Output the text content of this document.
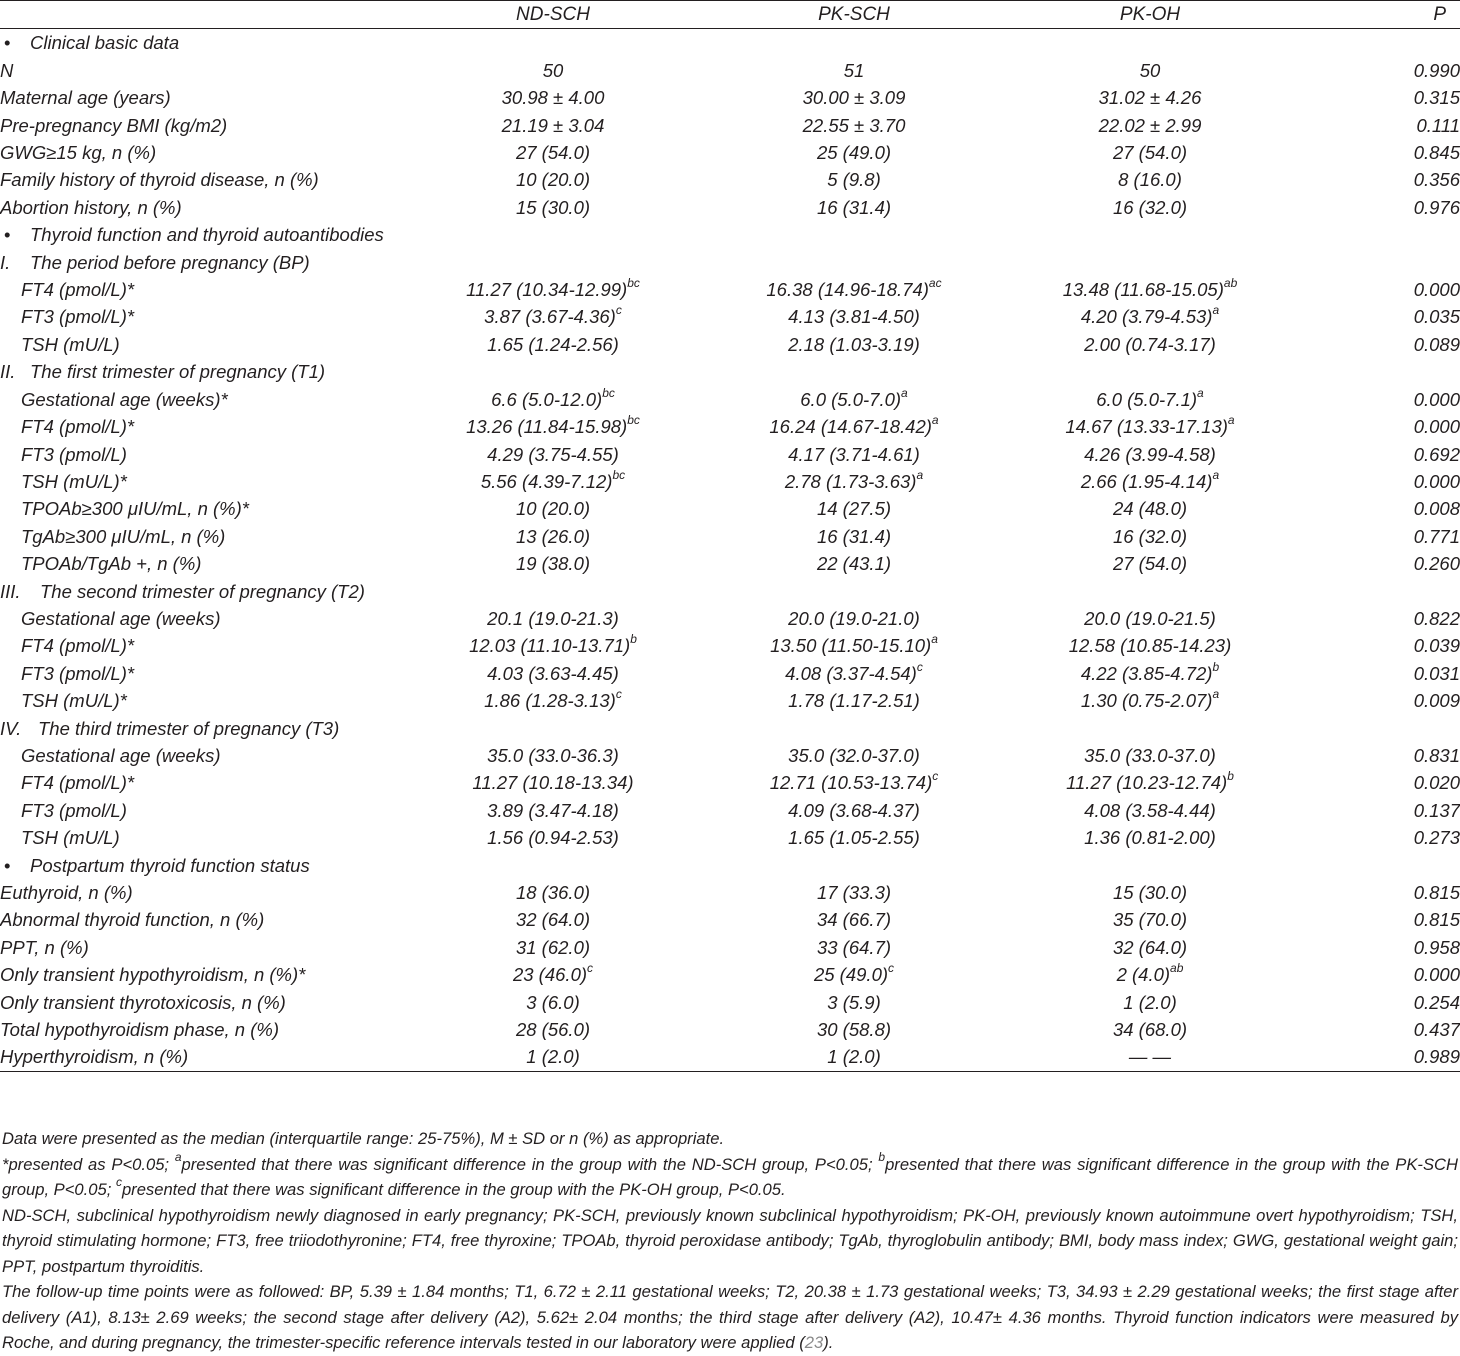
	ND-SCH	PK-SCH	PK-OH	P
• Clinical basic data				
N	50	51	50	0.990
Maternal age (years)	30.98 ± 4.00	30.00 ± 3.09	31.02 ± 4.26	0.315
Pre-pregnancy BMI (kg/m2)	21.19 ± 3.04	22.55 ± 3.70	22.02 ± 2.99	0.111
GWG≥15 kg, n (%)	27 (54.0)	25 (49.0)	27 (54.0)	0.845
Family history of thyroid disease, n (%)	10 (20.0)	5 (9.8)	8 (16.0)	0.356
Abortion history, n (%)	15 (30.0)	16 (31.4)	16 (32.0)	0.976
• Thyroid function and thyroid autoantibodies				
I. The period before pregnancy (BP)				
FT4 (pmol/L)*	11.27 $(10.34-12.99)^{bc}$	16.38 $(14.96-18.74)^{ac}$	13.48 $(11.68-15.05)^{ab}$	0.000
FT3 (pmol/L)*	3.87 $(3.67-4.36)^c$	4.13 (3.81-4.50)	4.20 $(3.79-4.53)^a$	0.035
TSH (mU/L)	1.65 (1.24-2.56)	2.18 (1.03-3.19)	2.00 (0.74-3.17)	0.089
II. The first trimester of pregnancy (T1)				
Gestational age (weeks)*	6.6 $(5.0-12.0)^{bc}$	6.0 $(5.0-7.0)^a$	6.0 $(5.0-7.1)^a$	0.000
FT4 (pmol/L)*	13.26 $(11.84-15.98)^{bc}$	16.24 $(14.67-18.42)^a$	14.67 $(13.33-17.13)^a$	0.000
FT3 (pmol/L)	4.29 (3.75-4.55)	4.17 (3.71-4.61)	4.26 (3.99-4.58)	0.692
TSH (mU/L)*	5.56 $(4.39-7.12)^{bc}$	2.78 $(1.73-3.63)^a$	2.66 $(1.95-4.14)^a$	0.000
TPOAb≥300 μIU/mL, n (%)*	10 (20.0)	14 (27.5)	24 (48.0)	0.008
TgAb≥300 μIU/mL, n (%)	13 (26.0)	16 (31.4)	16 (32.0)	0.771
TPOAb/TgAb +, n (%)	19 (38.0)	22 (43.1)	27 (54.0)	0.260
III. The second trimester of pregnancy (T2)				
Gestational age (weeks)	20.1 (19.0-21.3)	20.0 (19.0-21.0)	20.0 (19.0-21.5)	0.822
FT4 (pmol/L)*	12.03 $(11.10-13.71)^b$	13.50 $(11.50-15.10)^a$	12.58 (10.85-14.23)	0.039
FT3 (pmol/L)*	4.03 (3.63-4.45)	4.08 $(3.37-4.54)^c$	4.22 $(3.85-4.72)^b$	0.031
TSH (mU/L)*	1.86 $(1.28-3.13)^c$	1.78 (1.17-2.51)	1.30 $(0.75-2.07)^a$	0.009
IV. The third trimester of pregnancy (T3)				
Gestational age (weeks)	35.0 (33.0-36.3)	35.0 (32.0-37.0)	35.0 (33.0-37.0)	0.831
FT4 (pmol/L)*	11.27 (10.18-13.34)	12.71 $(10.53-13.74)^c$	11.27 $(10.23-12.74)^b$	0.020
FT3 (pmol/L)	3.89 (3.47-4.18)	4.09 (3.68-4.37)	4.08 (3.58-4.44)	0.137
TSH (mU/L)	1.56 (0.94-2.53)	1.65 (1.05-2.55)	1.36 (0.81-2.00)	0.273
• Postpartum thyroid function status				
Euthyroid, n (%)	18 (36.0)	17 (33.3)	15 (30.0)	0.815
Abnormal thyroid function, n (%)	32 (64.0)	34 (66.7)	35 (70.0)	0.815
PPT, n (%)	31 (62.0)	33 (64.7)	32 (64.0)	0.958
Only transient hypothyroidism, n (%)*	23 $(46.0)^c$	25 $(49.0)^c$	2 $(4.0)^{ab}$	0.000
Only transient thyrotoxicosis, n (%)	3 (6.0)	3 (5.9)	1 (2.0)	0.254
Total hypothyroidism phase, n (%)	28 (56.0)	30 (58.8)	34 (68.0)	0.437
Hyperthyroidism, n (%)	1 (2.0)	1 (2.0)	— —	0.989

Data were presented as the median (interquartile range: 25-75%), M ± SD or n (%) as appropriate.

*presented as P<0.05; $^a$presented that there was significant difference in the group with the ND-SCH group, P<0.05; $^b$presented that there was significant difference in the group with the PK-SCH group, P<0.05; $^c$presented that there was significant difference in the group with the PK-OH group, P<0.05.

ND-SCH, subclinical hypothyroidism newly diagnosed in early pregnancy; PK-SCH, previously known subclinical hypothyroidism; PK-OH, previously known autoimmune overt hypothyroidism; TSH, thyroid stimulating hormone; FT3, free triiodothyronine; FT4, free thyroxine; TPOAb, thyroid peroxidase antibody; TgAb, thyroglobulin antibody; BMI, body mass index; GWG, gestational weight gain; PPT, postpartum thyroiditis.

The follow-up time points were as followed: BP, 5.39 ± 1.84 months; T1, 6.72 ± 2.11 gestational weeks; T2, 20.38 ± 1.73 gestational weeks; T3, 34.93 ± 2.29 gestational weeks; the first stage after delivery (A1), 8.13± 2.69 weeks; the second stage after delivery (A2), 5.62± 2.04 months; the third stage after delivery (A2), 10.47± 4.36 months. Thyroid function indicators were measured by Roche, and during pregnancy, the trimester-specific reference intervals tested in our laboratory were applied (23).
